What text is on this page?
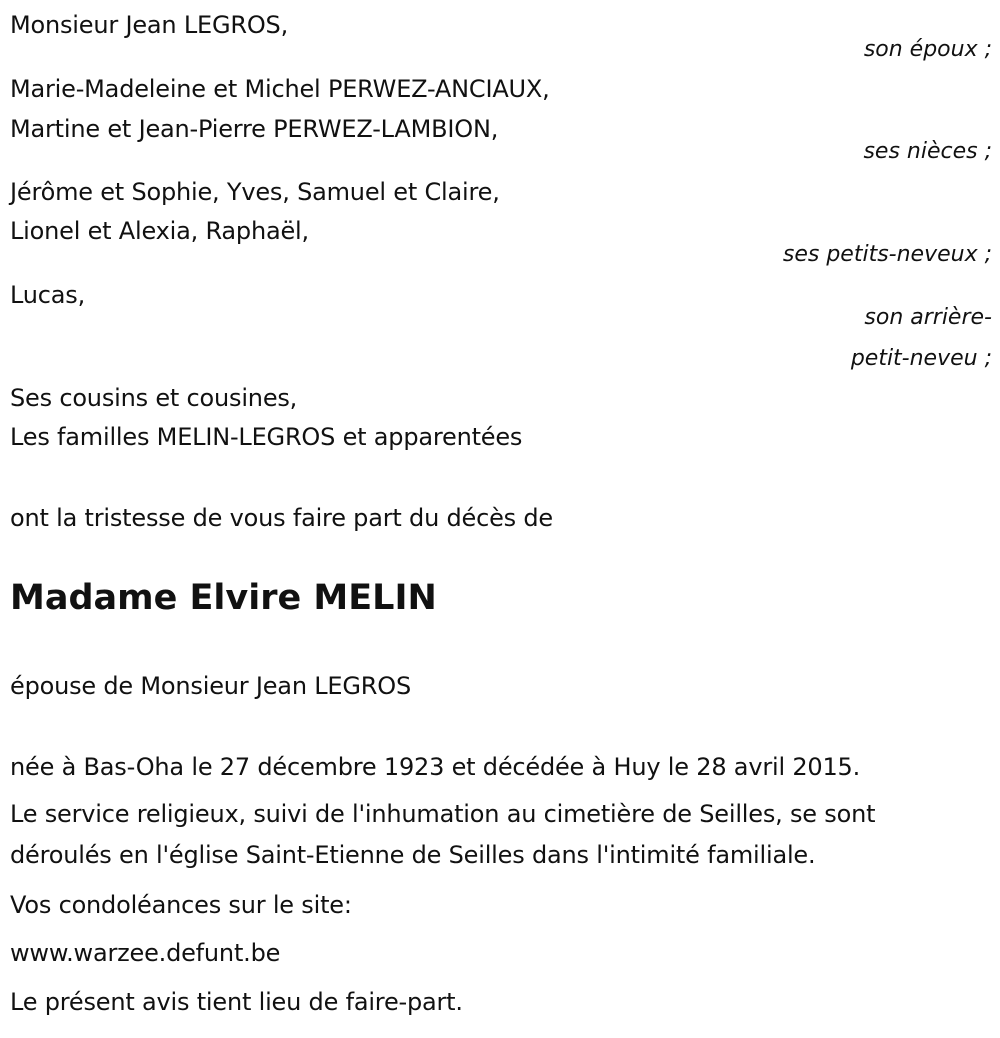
Monsieur Jean LEGROS,
son époux ;
Marie-Madeleine et Michel PERWEZ-ANCIAUX,
Martine et Jean-Pierre PERWEZ-LAMBION,
ses nièces ;
Jérôme et Sophie, Yves, Samuel et Claire,
Lionel et Alexia, Raphaël,
ses petits-neveux ;
Lucas,
son arrière-
petit-neveu ;
Ses cousins et cousines,
Les familles MELIN-LEGROS et apparentées
ont la tristesse de vous faire part du décès de
Madame Elvire MELIN
épouse de Monsieur Jean LEGROS
née à Bas-Oha le 27 décembre 1923 et décédée à Huy le 28 avril 2015.
Le service religieux, suivi de l'inhumation au cimetière de Seilles, se sont
déroulés en l'église Saint-Etienne de Seilles dans l'intimité familiale.
Vos condoléances sur le site:
www.warzee.defunt.be
Le présent avis tient lieu de faire-part.
